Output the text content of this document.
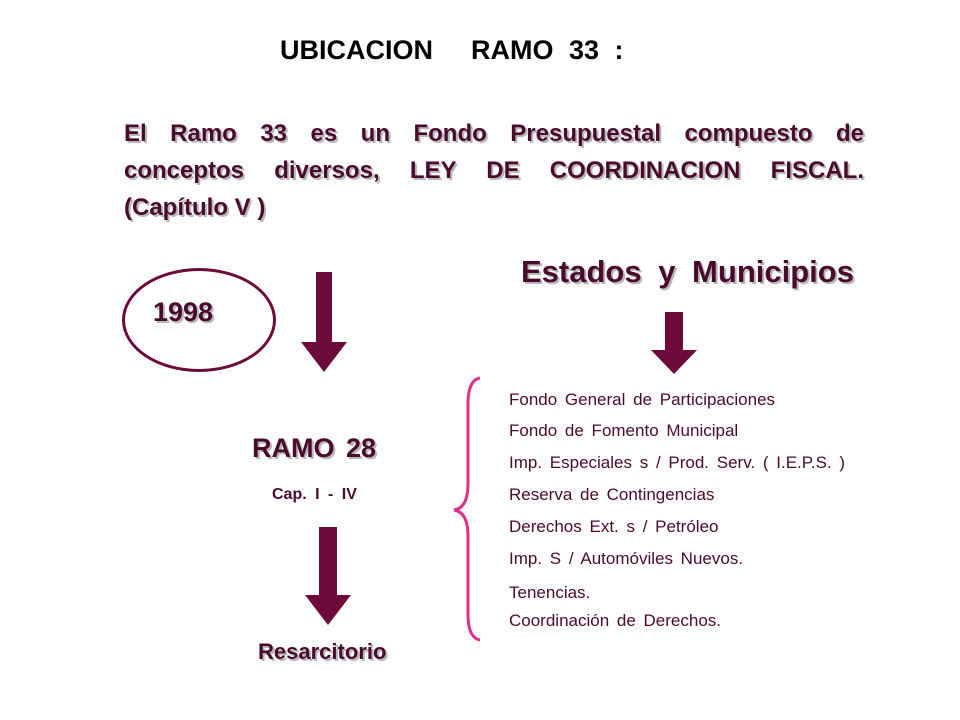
UBICACION RAMO 33 :
El Ramo 33 es un Fondo Presupuestal compuesto de
conceptos diversos, LEY DE COORDINACION FISCAL.
(Capítulo V )
Estados y Municipios
1998
RAMO 28
Cap. I - IV
Resarcitorio
Fondo General de Participaciones
Fondo de Fomento Municipal
Imp. Especiales s / Prod. Serv. ( I.E.P.S. )
Reserva de Contingencias
Derechos Ext. s / Petróleo
Imp. S / Automóviles Nuevos.
Tenencias.
Coordinación de Derechos.
